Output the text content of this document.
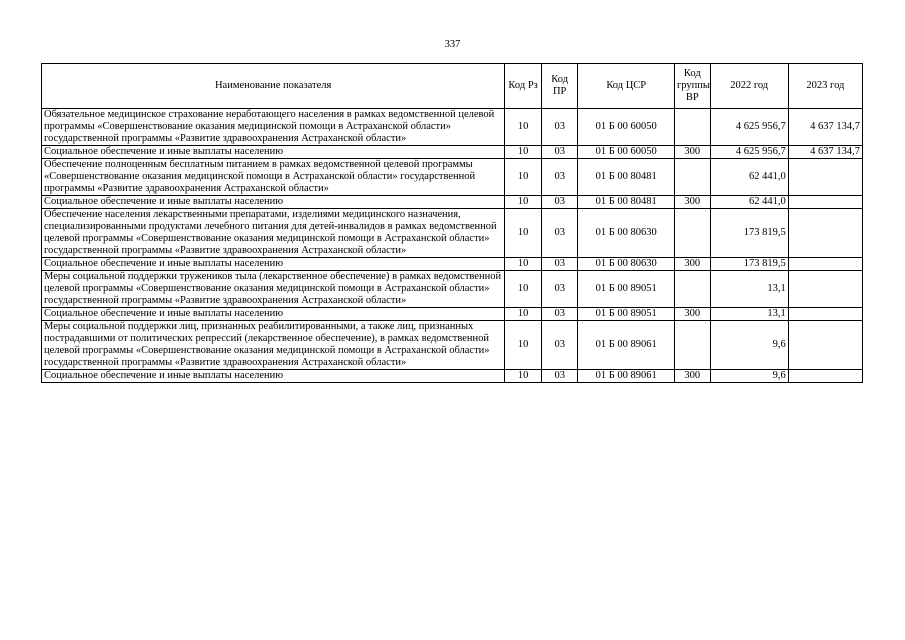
337
Наименование показателя	Код Рз	Код ПР	Код ЦСР	Код группы ВР	2022 год	2023 год
Обязательное медицинское страхование неработающего населения в рамках ведомственной целевой программы «Совершенствование оказания медицинской помощи в Астраханской области» государственной программы «Развитие здравоохранения Астраханской области»	10	03	01 Б 00 60050		4 625 956,7	4 637 134,7
Социальное обеспечение и иные выплаты населению	10	03	01 Б 00 60050	300	4 625 956,7	4 637 134,7
Обеспечение полноценным бесплатным питанием в рамках ведомственной целевой программы «Совершенствование оказания медицинской помощи в Астраханской области» государственной программы «Развитие здравоохранения Астраханской области»	10	03	01 Б 00 80481		62 441,0	
Социальное обеспечение и иные выплаты населению	10	03	01 Б 00 80481	300	62 441,0	
Обеспечение населения лекарственными препаратами, изделиями медицинского назначения, специализированными продуктами лечебного питания для детей-инвалидов в рамках ведомственной целевой программы «Совершенствование оказания медицинской помощи в Астраханской области» государственной программы «Развитие здравоохранения Астраханской области»	10	03	01 Б 00 80630		173 819,5	
Социальное обеспечение и иные выплаты населению	10	03	01 Б 00 80630	300	173 819,5	
Меры социальной поддержки тружеников тыла (лекарственное обеспечение) в рамках ведомственной целевой программы «Совершенствование оказания медицинской помощи в Астраханской области» государственной программы «Развитие здравоохранения Астраханской области»	10	03	01 Б 00 89051		13,1	
Социальное обеспечение и иные выплаты населению	10	03	01 Б 00 89051	300	13,1	
Меры социальной поддержки лиц, признанных реабилитированными, а также лиц, признанных пострадавшими от политических репрессий (лекарственное обеспечение), в рамках ведомственной целевой программы «Совершенствование оказания медицинской помощи в Астраханской области» государственной программы «Развитие здравоохранения Астраханской области»	10	03	01 Б 00 89061		9,6	
Социальное обеспечение и иные выплаты населению	10	03	01 Б 00 89061	300	9,6	
